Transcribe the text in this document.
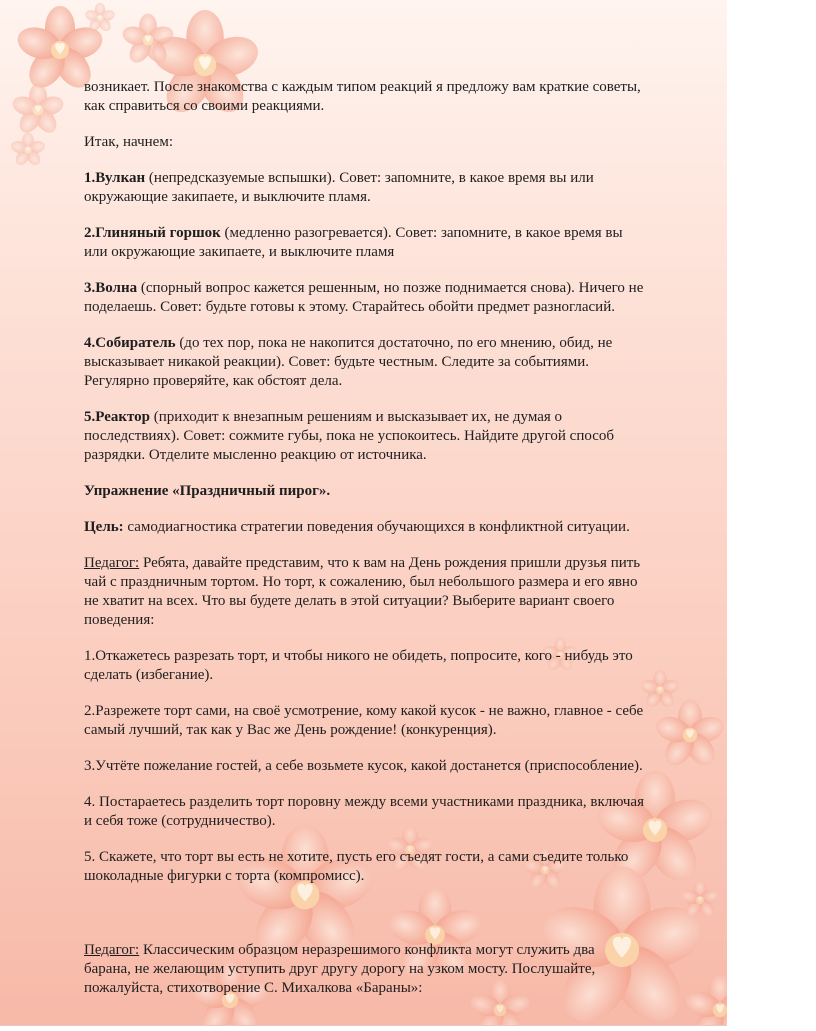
возникает. После знакомства с каждым типом реакций я предложу вам краткие советы, как справиться со своими реакциями.

Итак, начнем:

1.Вулкан (непредсказуемые вспышки). Совет: запомните, в какое время вы или окружающие закипаете, и выключите пламя.

2.Глиняный горшок (медленно разогревается). Совет: запомните, в какое время вы или окружающие закипаете, и выключите пламя

3.Волна (спорный вопрос кажется решенным, но позже поднимается снова). Ничего не поделаешь. Совет: будьте готовы к этому. Старайтесь обойти предмет разногласий.

4.Собиратель (до тех пор, пока не накопится достаточно, по его мнению, обид, не высказывает никакой реакции). Совет: будьте честным. Следите за событиями. Регулярно проверяйте, как обстоят дела.

5.Реактор (приходит к внезапным решениям и высказывает их, не думая о последствиях). Совет: сожмите губы, пока не успокоитесь. Найдите другой способ разрядки. Отделите мысленно реакцию от источника.

Упражнение «Праздничный пирог».

Цель: самодиагностика стратегии поведения обучающихся в конфликтной ситуации.

Педагог: Ребята, давайте представим, что к вам на День рождения пришли друзья пить чай с праздничным тортом. Но торт, к сожалению, был небольшого размера и его явно не хватит на всех. Что вы будете делать в этой ситуации? Выберите вариант своего поведения:

1.Откажетесь разрезать торт, и чтобы никого не обидеть, попросите, кого - нибудь это сделать (избегание).

2.Разрежете торт сами, на своё усмотрение, кому какой кусок - не важно, главное - себе самый лучший, так как у Вас же День рождение! (конкуренция).

3.Учтёте пожелание гостей, а себе возьмете кусок, какой достанется (приспособление).

4. Постараетесь разделить торт поровну между всеми участниками праздника, включая и себя тоже (сотрудничество).

5. Скажете, что торт вы есть не хотите, пусть его съедят гости, а сами съедите только шоколадные фигурки с торта (компромисс).

Педагог: Классическим образцом неразрешимого конфликта могут служить два барана, не желающим уступить друг другу дорогу на узком мосту. Послушайте, пожалуйста, стихотворение С. Михалкова «Бараны»:
